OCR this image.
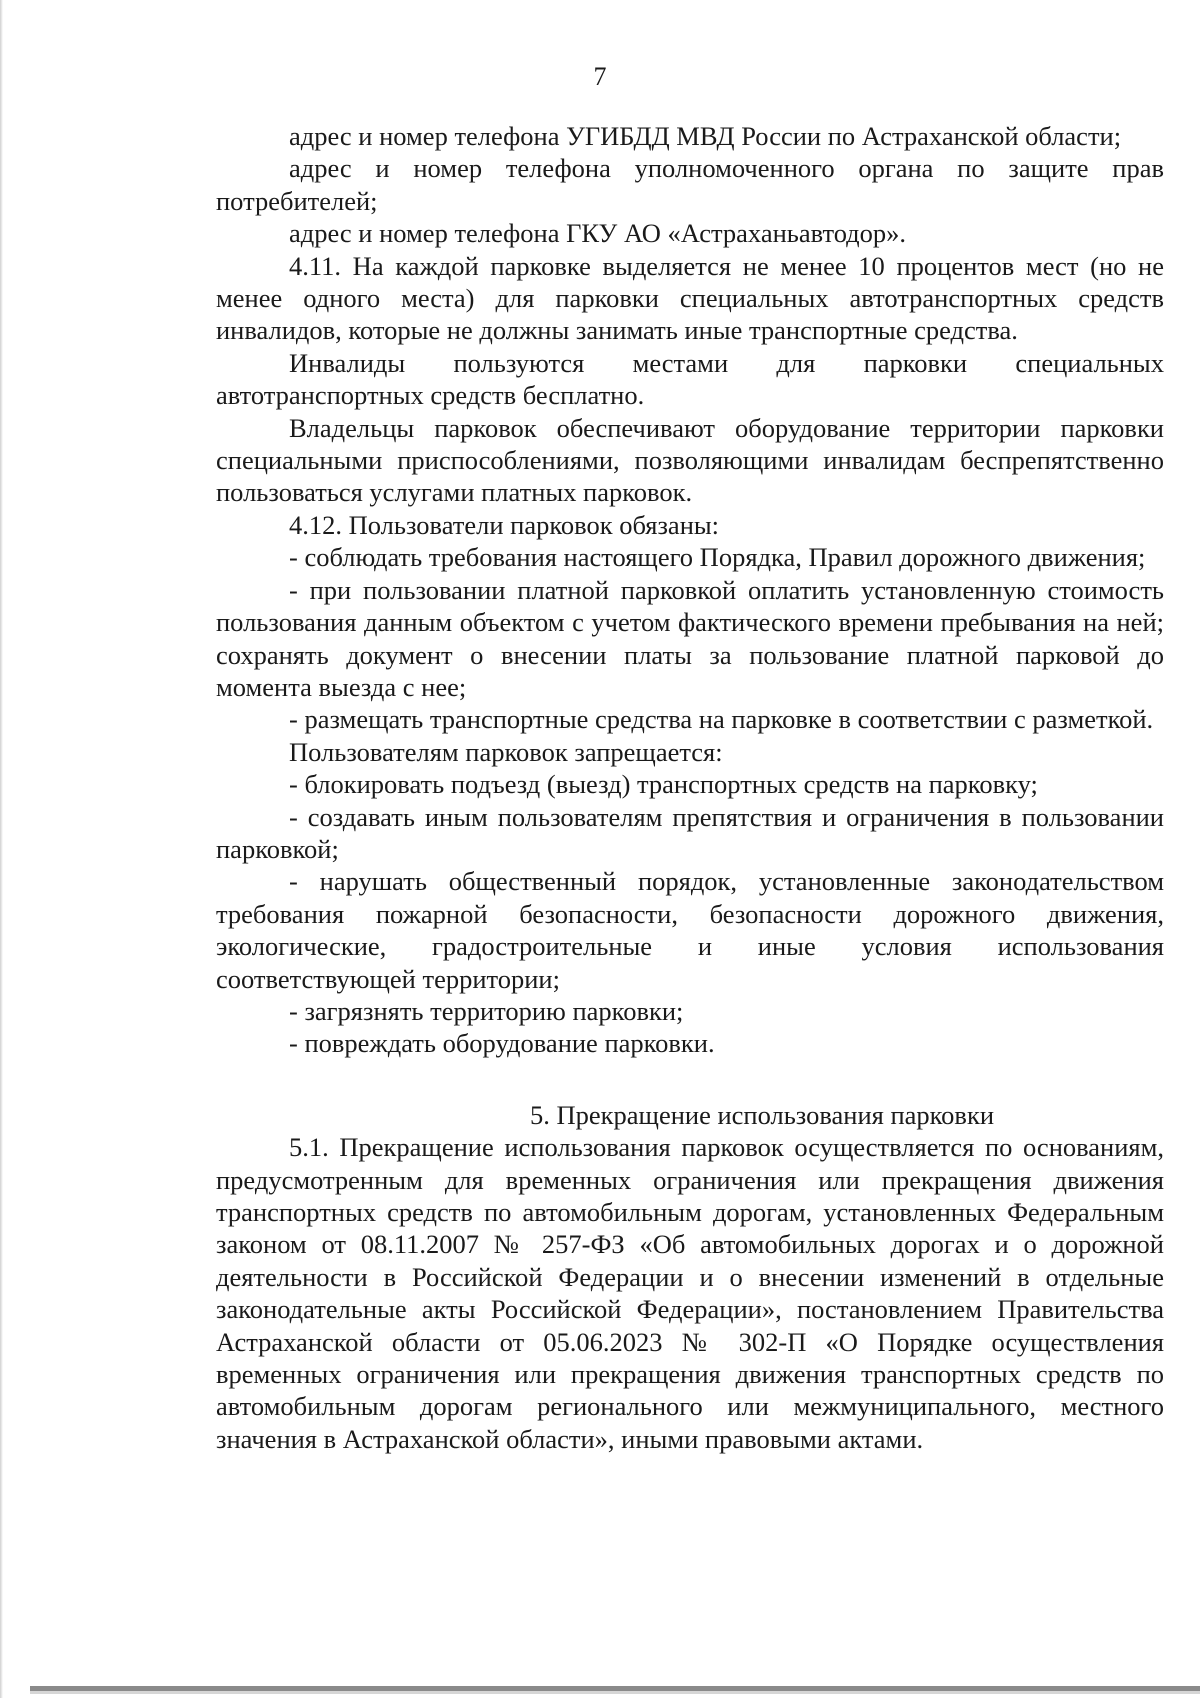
7

адрес и номер телефона УГИБДД МВД России по Астраханской области;

адрес и номер телефона уполномоченного органа по защите прав потребителей;

адрес и номер телефона ГКУ АО «Астраханьавтодор».

4.11. На каждой парковке выделяется не менее 10 процентов мест (но не менее одного места) для парковки специальных автотранспортных средств инвалидов, которые не должны занимать иные транспортные средства.

Инвалиды пользуются местами для парковки специальных автотранспортных средств бесплатно.

Владельцы парковок обеспечивают оборудование территории парковки специальными приспособлениями, позволяющими инвалидам беспрепятственно пользоваться услугами платных парковок.

4.12. Пользователи парковок обязаны:

- соблюдать требования настоящего Порядка, Правил дорожного движения;

- при пользовании платной парковкой оплатить установленную стоимость пользования данным объектом с учетом фактического времени пребывания на ней; сохранять документ о внесении платы за пользование платной парковой до момента выезда с нее;

- размещать транспортные средства на парковке в соответствии с разметкой.

Пользователям парковок запрещается:

- блокировать подъезд (выезд) транспортных средств на парковку;

- создавать иным пользователям препятствия и ограничения в пользовании парковкой;

- нарушать общественный порядок, установленные законодательством требования пожарной безопасности, безопасности дорожного движения, экологические, градостроительные и иные условия использования соответствующей территории;

- загрязнять территорию парковки;

- повреждать оборудование парковки.

5. Прекращение использования парковки

5.1. Прекращение использования парковок осуществляется по основаниям, предусмотренным для временных ограничения или прекращения движения транспортных средств по автомобильным дорогам, установленных Федеральным законом от 08.11.2007 № 257-ФЗ «Об автомобильных дорогах и о дорожной деятельности в Российской Федерации и о внесении изменений в отдельные законодательные акты Российской Федерации», постановлением Правительства Астраханской области от 05.06.2023 № 302-П «О Порядке осуществления временных ограничения или прекращения движения транспортных средств по автомобильным дорогам регионального или межмуниципального, местного значения в Астраханской области», иными правовыми актами.
